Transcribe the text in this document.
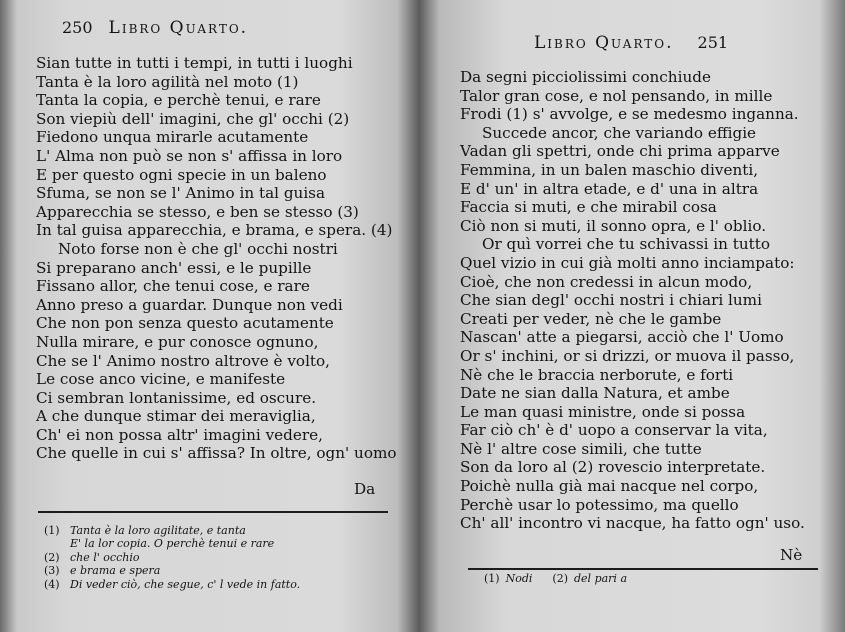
250 Libro Quarto.
Sian tutte in tutti i tempi, in tutti i luoghi
Tanta è la loro agilità nel moto (1)
Tanta la copia, e perchè tenui, e rare
Son viepiù dell' imagini, che gl' occhi (2)
Fiedono unqua mirarle acutamente
L' Alma non può se non s' affissa in loro
E per questo ogni specie in un baleno
Sfuma, se non se l' Animo in tal guisa
Apparecchia se stesso, e ben se stesso (3)
In tal guisa apparecchia, e brama, e spera. (4)
Noto forse non è che gl' occhi nostri
Si preparano anch' essi, e le pupille
Fissano allor, che tenui cose, e rare
Anno preso a guardar. Dunque non vedi
Che non pon senza questo acutamente
Nulla mirare, e pur conosce ognuno,
Che se l' Animo nostro altrove è volto,
Le cose anco vicine, e manifeste
Ci sembran lontanissime, ed oscure.
A che dunque stimar dei meraviglia,
Ch' ei non possa altr' imagini vedere,
Che quelle in cui s' affissa? In oltre, ogn' uomo
Da
(1) Tanta è la loro agilitate, e tanta
E' la lor copia. O perchè tenui e rare
(2) che l' occhio
(3) e brama e spera
(4) Di veder ciò, che segue, c' l vede in fatto.
Libro Quarto. 251
Da segni picciolissimi conchiude
Talor gran cose, e nol pensando, in mille
Frodi (1) s' avvolge, e se medesmo inganna.
Succede ancor, che variando effigie
Vadan gli spettri, onde chi prima apparve
Femmina, in un balen maschio diventi,
E d' un' in altra etade, e d' una in altra
Faccia si muti, e che mirabil cosa
Ciò non si muti, il sonno opra, e l' oblio.
Or quì vorrei che tu schivassi in tutto
Quel vizio in cui già molti anno inciampato:
Cioè, che non credessi in alcun modo,
Che sian degl' occhi nostri i chiari lumi
Creati per veder, nè che le gambe
Nascan' atte a piegarsi, acciò che l' Uomo
Or s' inchini, or si drizzi, or muova il passo,
Nè che le braccia nerborute, e forti
Date ne sian dalla Natura, et ambe
Le man quasi ministre, onde si possa
Far ciò ch' è d' uopo a conservar la vita,
Nè l' altre cose simili, che tutte
Son da loro al (2) rovescio interpretate.
Poichè nulla già mai nacque nel corpo,
Perchè usar lo potessimo, ma quello
Ch' all' incontro vi nacque, ha fatto ogn' uso.
Nè
(1) Nodi (2) del pari a
